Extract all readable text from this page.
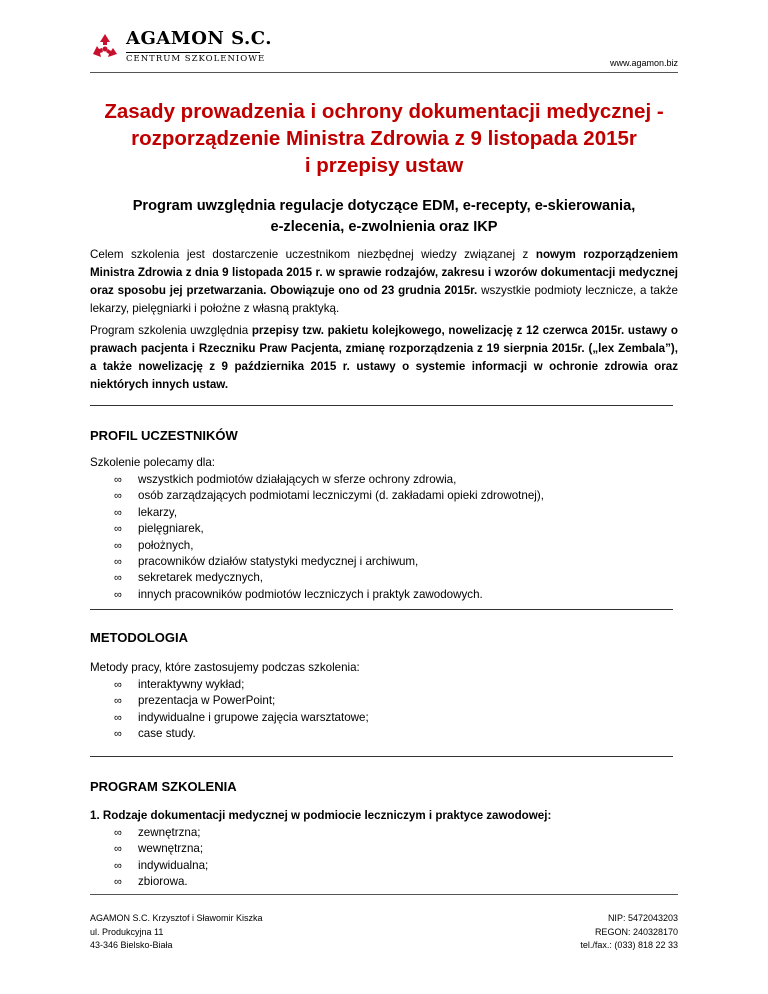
AGAMON S.C.
CENTRUM SZKOLENIOWE	www.agamon.biz
Zasady prowadzenia i ochrony dokumentacji medycznej -
rozporządzenie Ministra Zdrowia z 9 listopada 2015r
i przepisy ustaw
Program uwzględnia regulacje dotyczące EDM, e-recepty, e-skierowania,
e-zlecenia, e-zwolnienia oraz IKP
Celem szkolenia jest dostarczenie uczestnikom niezbędnej wiedzy związanej z nowym rozporządzeniem Ministra Zdrowia z dnia 9 listopada 2015 r. w sprawie rodzajów, zakresu i wzorów dokumentacji medycznej oraz sposobu jej przetwarzania. Obowiązuje ono od 23 grudnia 2015r. wszystkie podmioty lecznicze, a także lekarzy, pielęgniarki i położne z własną praktyką.
Program szkolenia uwzględnia przepisy tzw. pakietu kolejkowego, nowelizację z 12 czerwca 2015r. ustawy o prawach pacjenta i Rzeczniku Praw Pacjenta, zmianę rozporządzenia z 19 sierpnia 2015r. („lex Zembala”), a także nowelizację z 9 października 2015 r. ustawy o systemie informacji w ochronie zdrowia oraz niektórych innych ustaw.
PROFIL UCZESTNIKÓW
Szkolenie polecamy dla:
∞ wszystkich podmiotów działających w sferze ochrony zdrowia,
∞ osób zarządzających podmiotami leczniczymi (d. zakładami opieki zdrowotnej),
∞ lekarzy,
∞ pielęgniarek,
∞ położnych,
∞ pracowników działów statystyki medycznej i archiwum,
∞ sekretarek medycznych,
∞ innych pracowników podmiotów leczniczych i praktyk zawodowych.
METODOLOGIA
Metody pracy, które zastosujemy podczas szkolenia:
∞ interaktywny wykład;
∞ prezentacja w PowerPoint;
∞ indywidualne i grupowe zajęcia warsztatowe;
∞ case study.
PROGRAM SZKOLENIA
1. Rodzaje dokumentacji medycznej w podmiocie leczniczym i praktyce zawodowej:
∞ zewnętrzna;
∞ wewnętrzna;
∞ indywidualna;
∞ zbiorowa.
AGAMON S.C. Krzysztof i Sławomir Kiszka
ul. Produkcyjna 11
43-346 Bielsko-Biała
NIP: 5472043203
REGON: 240328170
tel./fax.: (033) 818 22 33
